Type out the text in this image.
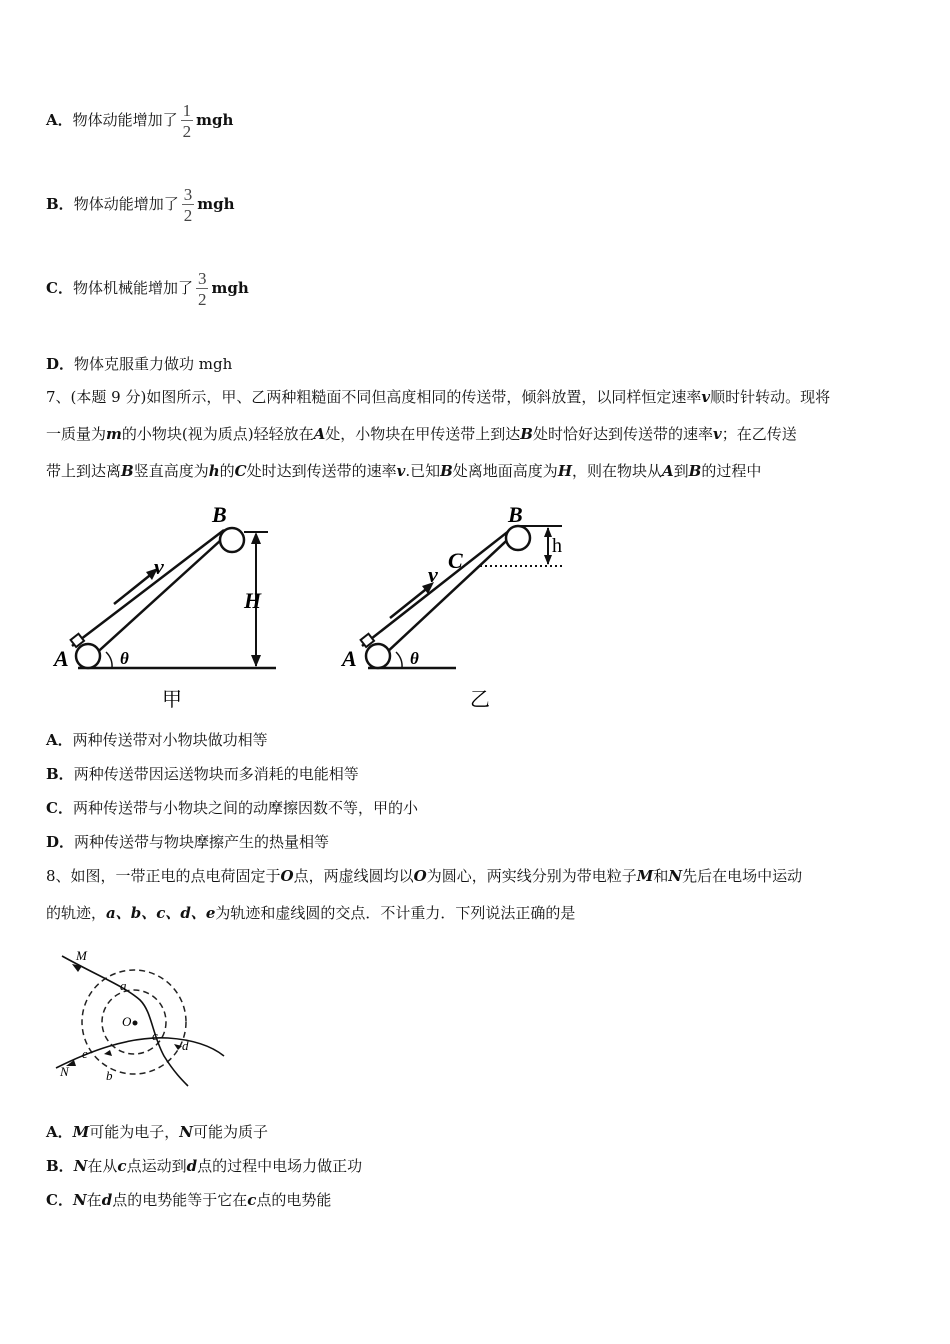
A．物体动能增加了 $\frac{1}{2}$ mgh
B．物体动能增加了 $\frac{3}{2}$ mgh
C．物体机械能增加了 $\frac{3}{2}$ mgh
D．物体克服重力做功 mgh
7、(本题 9 分)如图所示，甲、乙两种粗糙面不同但高度相同的传送带，倾斜放置，以同样恒定速率v顺时针转动。现将
一质量为m的小物块(视为质点)轻轻放在A处，小物块在甲传送带上到达B处时恰好达到传送带的速率v；在乙传送
带上到达离B竖直高度为h的C处时达到传送带的速率v.已知B处离地面高度为H，则在物块从A到B的过程中
A
B
v
H
θ
甲
A
B
C
v
h
θ
乙
A．两种传送带对小物块做功相等
B．两种传送带因运送物块而多消耗的电能相等
C．两种传送带与小物块之间的动摩擦因数不等，甲的小
D．两种传送带与物块摩擦产生的热量相等
8、如图，一带正电的点电荷固定于O点，两虚线圆均以O为圆心，两实线分别为带电粒子M和N先后在电场中运动
的轨迹，a、b、c、d、e为轨迹和虚线圆的交点．不计重力．下列说法正确的是
M
N
O
a
b
c
d
e
A．M可能为电子，N可能为质子
B．N在从c点运动到d点的过程中电场力做正功
C．N在d点的电势能等于它在c点的电势能
